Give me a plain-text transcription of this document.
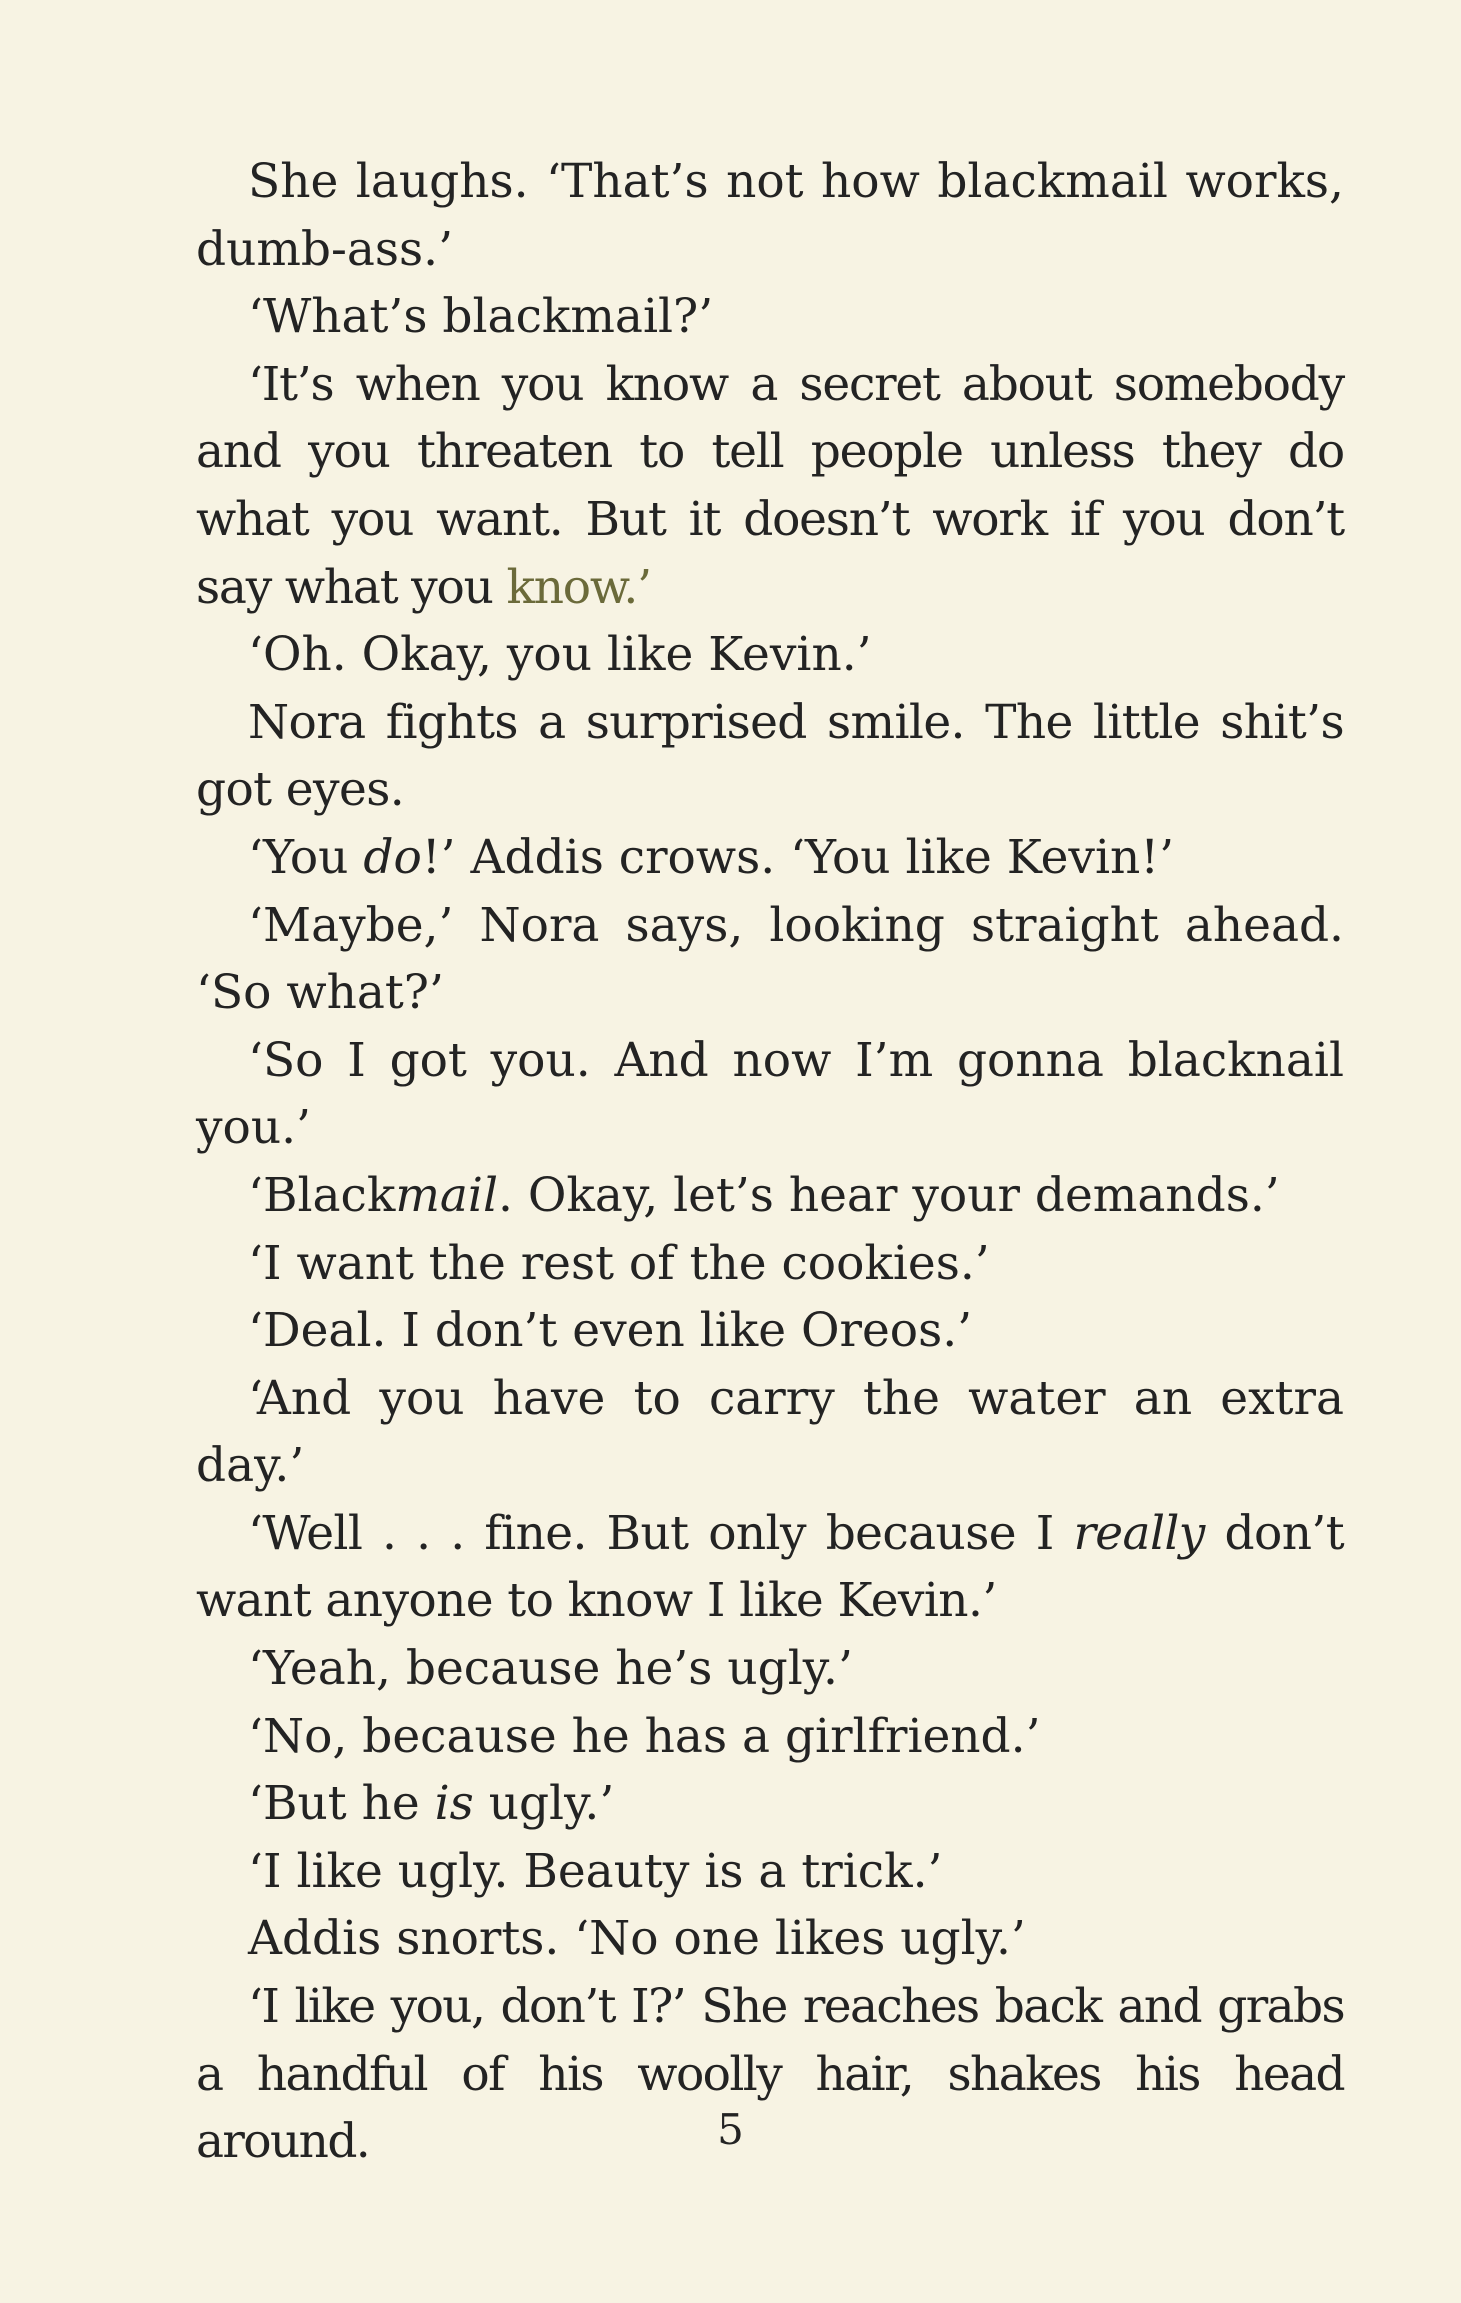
She laughs. ‘That’s not how blackmail works, dumb-ass.’

‘What’s blackmail?’

‘It’s when you know a secret about somebody and you threaten to tell people unless they do what you want. But it doesn’t work if you don’t say what you know.’

‘Oh. Okay, you like Kevin.’

Nora fights a surprised smile. The little shit’s got eyes.

‘You do!’ Addis crows. ‘You like Kevin!’

‘Maybe,’ Nora says, looking straight ahead. ‘So what?’

‘So I got you. And now I’m gonna blacknail you.’

‘Blackmail. Okay, let’s hear your demands.’

‘I want the rest of the cookies.’

‘Deal. I don’t even like Oreos.’

‘And you have to carry the water an extra day.’

‘Well . . . fine. But only because I really don’t want anyone to know I like Kevin.’

‘Yeah, because he’s ugly.’

‘No, because he has a girlfriend.’

‘But he is ugly.’

‘I like ugly. Beauty is a trick.’

Addis snorts. ‘No one likes ugly.’

‘I like you, don’t I?’ She reaches back and grabs a handful of his woolly hair, shakes his head around.	5
